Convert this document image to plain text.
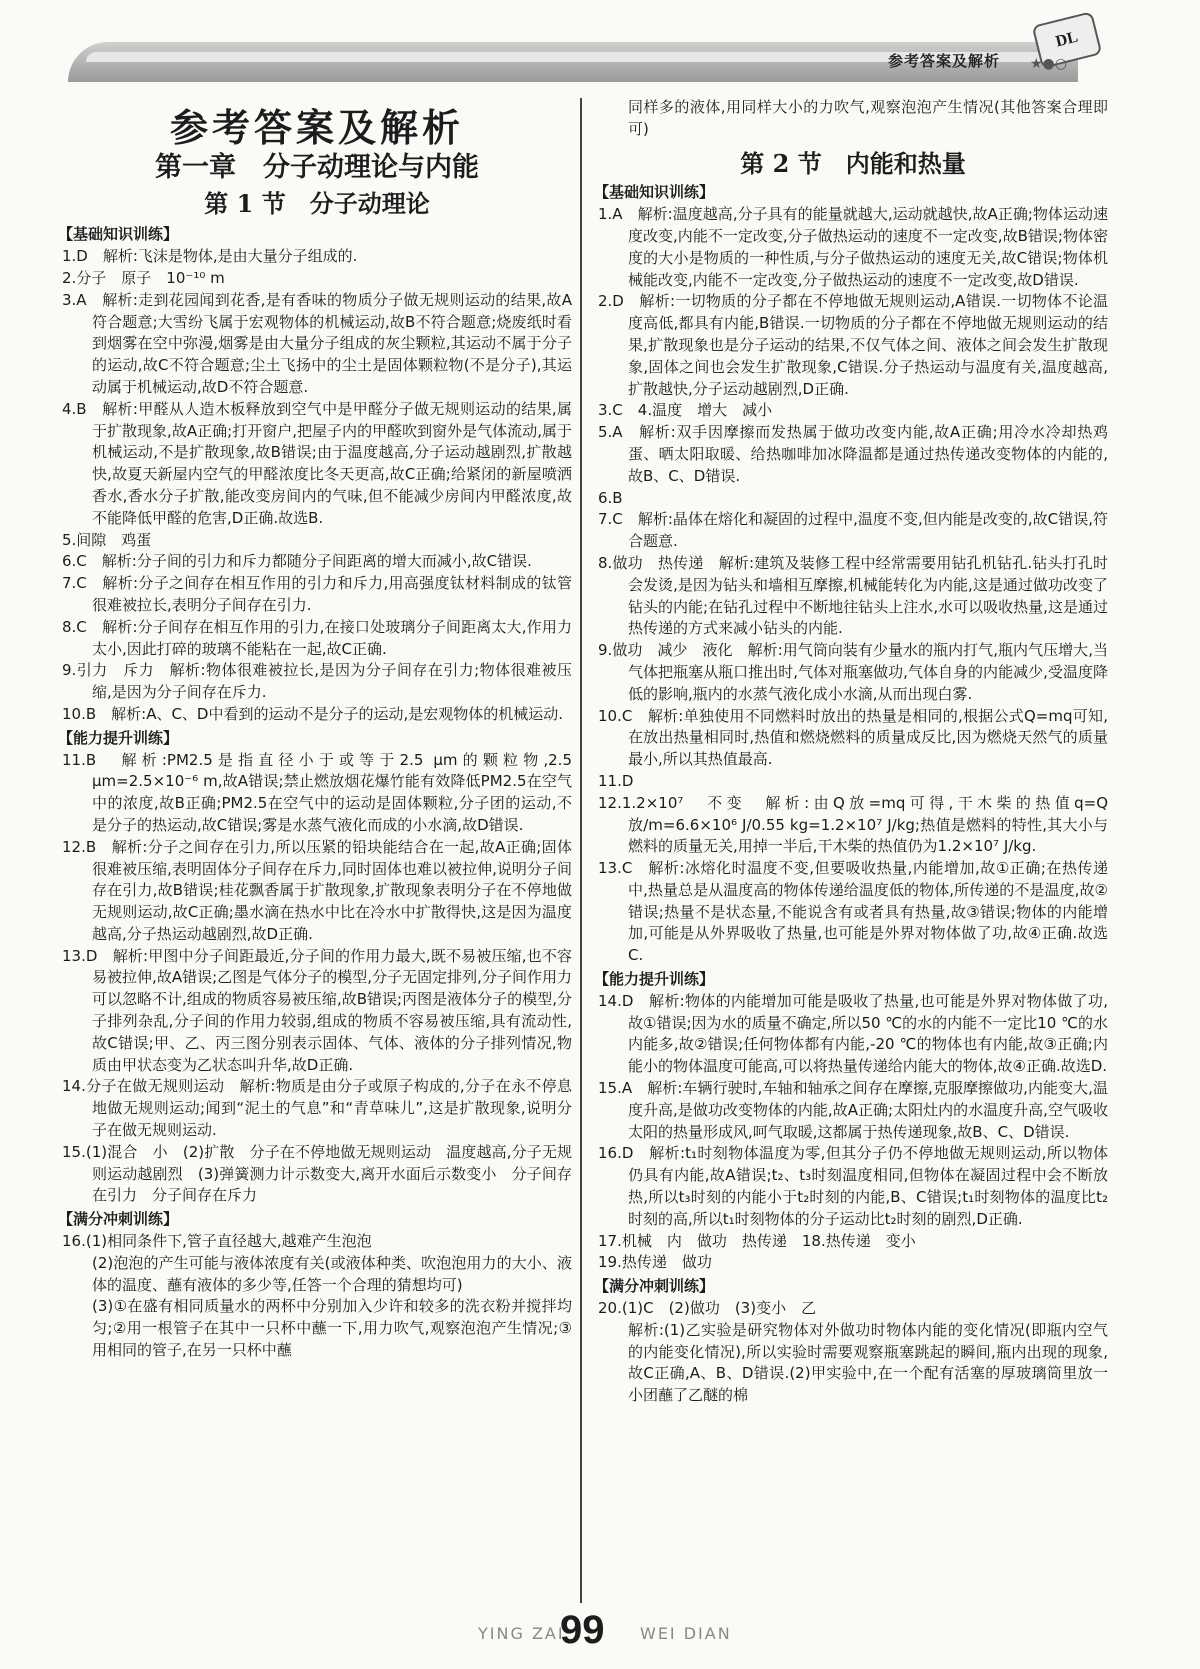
参考答案及解析
DL
★●○
参考答案及解析
第一章　分子动理论与内能
第 1 节　分子动理论
【基础知识训练】

1.D　解析:飞沫是物体,是由大量分子组成的.

2.分子　原子　10⁻¹⁰ m

3.A　解析:走到花园闻到花香,是有香味的物质分子做无规则运动的结果,故A符合题意;大雪纷飞属于宏观物体的机械运动,故B不符合题意;烧废纸时看到烟雾在空中弥漫,烟雾是由大量分子组成的灰尘颗粒,其运动不属于分子的运动,故C不符合题意;尘土飞扬中的尘土是固体颗粒物(不是分子),其运动属于机械运动,故D不符合题意.

4.B　解析:甲醛从人造木板释放到空气中是甲醛分子做无规则运动的结果,属于扩散现象,故A正确;打开窗户,把屋子内的甲醛吹到窗外是气体流动,属于机械运动,不是扩散现象,故B错误;由于温度越高,分子运动越剧烈,扩散越快,故夏天新屋内空气的甲醛浓度比冬天更高,故C正确;给紧闭的新屋喷洒香水,香水分子扩散,能改变房间内的气味,但不能减少房间内甲醛浓度,故不能降低甲醛的危害,D正确.故选B.

5.间隙　鸡蛋

6.C　解析:分子间的引力和斥力都随分子间距离的增大而减小,故C错误.

7.C　解析:分子之间存在相互作用的引力和斥力,用高强度钛材料制成的钛管很难被拉长,表明分子间存在引力.

8.C　解析:分子间存在相互作用的引力,在接口处玻璃分子间距离太大,作用力太小,因此打碎的玻璃不能粘在一起,故C正确.

9.引力　斥力　解析:物体很难被拉长,是因为分子间存在引力;物体很难被压缩,是因为分子间存在斥力.

10.B　解析:A、C、D中看到的运动不是分子的运动,是宏观物体的机械运动.

【能力提升训练】

11.B　解析:PM2.5是指直径小于或等于2.5 μm的颗粒物,2.5 μm=2.5×10⁻⁶ m,故A错误;禁止燃放烟花爆竹能有效降低PM2.5在空气中的浓度,故B正确;PM2.5在空气中的运动是固体颗粒,分子团的运动,不是分子的热运动,故C错误;雾是水蒸气液化而成的小水滴,故D错误.

12.B　解析:分子之间存在引力,所以压紧的铅块能结合在一起,故A正确;固体很难被压缩,表明固体分子间存在斥力,同时固体也难以被拉伸,说明分子间存在引力,故B错误;桂花飘香属于扩散现象,扩散现象表明分子在不停地做无规则运动,故C正确;墨水滴在热水中比在冷水中扩散得快,这是因为温度越高,分子热运动越剧烈,故D正确.

13.D　解析:甲图中分子间距最近,分子间的作用力最大,既不易被压缩,也不容易被拉伸,故A错误;乙图是气体分子的模型,分子无固定排列,分子间作用力可以忽略不计,组成的物质容易被压缩,故B错误;丙图是液体分子的模型,分子排列杂乱,分子间的作用力较弱,组成的物质不容易被压缩,具有流动性,故C错误;甲、乙、丙三图分别表示固体、气体、液体的分子排列情况,物质由甲状态变为乙状态叫升华,故D正确.

14.分子在做无规则运动　解析:物质是由分子或原子构成的,分子在永不停息地做无规则运动;闻到“泥土的气息”和“青草味儿”,这是扩散现象,说明分子在做无规则运动.

15.(1)混合　小　(2)扩散　分子在不停地做无规则运动　温度越高,分子无规则运动越剧烈　(3)弹簧测力计示数变大,离开水面后示数变小　分子间存在引力　分子间存在斥力

【满分冲刺训练】

16.(1)相同条件下,管子直径越大,越难产生泡泡

(2)泡泡的产生可能与液体浓度有关(或液体种类、吹泡泡用力的大小、液体的温度、蘸有液体的多少等,任答一个合理的猜想均可)

(3)①在盛有相同质量水的两杯中分别加入少许和较多的洗衣粉并搅拌均匀;②用一根管子在其中一只杯中蘸一下,用力吹气,观察泡泡产生情况;③用相同的管子,在另一只杯中蘸

同样多的液体,用同样大小的力吹气,观察泡泡产生情况(其他答案合理即可)

第 2 节　内能和热量
【基础知识训练】

1.A　解析:温度越高,分子具有的能量就越大,运动就越快,故A正确;物体运动速度改变,内能不一定改变,分子做热运动的速度不一定改变,故B错误;物体密度的大小是物质的一种性质,与分子做热运动的速度无关,故C错误;物体机械能改变,内能不一定改变,分子做热运动的速度不一定改变,故D错误.

2.D　解析:一切物质的分子都在不停地做无规则运动,A错误.一切物体不论温度高低,都具有内能,B错误.一切物质的分子都在不停地做无规则运动的结果,扩散现象也是分子运动的结果,不仅气体之间、液体之间会发生扩散现象,固体之间也会发生扩散现象,C错误.分子热运动与温度有关,温度越高,扩散越快,分子运动越剧烈,D正确.

3.C　4.温度　增大　减小

5.A　解析:双手因摩擦而发热属于做功改变内能,故A正确;用冷水冷却热鸡蛋、晒太阳取暖、给热咖啡加冰降温都是通过热传递改变物体的内能的,故B、C、D错误.

6.B

7.C　解析:晶体在熔化和凝固的过程中,温度不变,但内能是改变的,故C错误,符合题意.

8.做功　热传递　解析:建筑及装修工程中经常需要用钻孔机钻孔.钻头打孔时会发烫,是因为钻头和墙相互摩擦,机械能转化为内能,这是通过做功改变了钻头的内能;在钻孔过程中不断地往钻头上注水,水可以吸收热量,这是通过热传递的方式来减小钻头的内能.

9.做功　减少　液化　解析:用气筒向装有少量水的瓶内打气,瓶内气压增大,当气体把瓶塞从瓶口推出时,气体对瓶塞做功,气体自身的内能减少,受温度降低的影响,瓶内的水蒸气液化成小水滴,从而出现白雾.

10.C　解析:单独使用不同燃料时放出的热量是相同的,根据公式Q=mq可知,在放出热量相同时,热值和燃烧燃料的质量成反比,因为燃烧天然气的质量最小,所以其热值最高.

11.D

12.1.2×10⁷　不变　解析:由Q放=mq可得,干木柴的热值q=Q放/m=6.6×10⁶ J/0.55 kg=1.2×10⁷ J/kg;热值是燃料的特性,其大小与燃料的质量无关,用掉一半后,干木柴的热值仍为1.2×10⁷ J/kg.

13.C　解析:冰熔化时温度不变,但要吸收热量,内能增加,故①正确;在热传递中,热量总是从温度高的物体传递给温度低的物体,所传递的不是温度,故②错误;热量不是状态量,不能说含有或者具有热量,故③错误;物体的内能增加,可能是从外界吸收了热量,也可能是外界对物体做了功,故④正确.故选C.

【能力提升训练】

14.D　解析:物体的内能增加可能是吸收了热量,也可能是外界对物体做了功,故①错误;因为水的质量不确定,所以50 ℃的水的内能不一定比10 ℃的水内能多,故②错误;任何物体都有内能,-20 ℃的物体也有内能,故③正确;内能小的物体温度可能高,可以将热量传递给内能大的物体,故④正确.故选D.

15.A　解析:车辆行驶时,车轴和轴承之间存在摩擦,克服摩擦做功,内能变大,温度升高,是做功改变物体的内能,故A正确;太阳灶内的水温度升高,空气吸收太阳的热量形成风,呵气取暖,这都属于热传递现象,故B、C、D错误.

16.D　解析:t₁时刻物体温度为零,但其分子仍不停地做无规则运动,所以物体仍具有内能,故A错误;t₂、t₃时刻温度相同,但物体在凝固过程中会不断放热,所以t₃时刻的内能小于t₂时刻的内能,B、C错误;t₁时刻物体的温度比t₂时刻的高,所以t₁时刻物体的分子运动比t₂时刻的剧烈,D正确.

17.机械　内　做功　热传递　18.热传递　变小

19.热传递　做功

【满分冲刺训练】

20.(1)C　(2)做功　(3)变小　乙

解析:(1)乙实验是研究物体对外做功时物体内能的变化情况(即瓶内空气的内能变化情况),所以实验时需要观察瓶塞跳起的瞬间,瓶内出现的现象,故C正确,A、B、D错误.(2)甲实验中,在一个配有活塞的厚玻璃筒里放一小团蘸了乙醚的棉

YING ZAI
99 WEI DIAN
